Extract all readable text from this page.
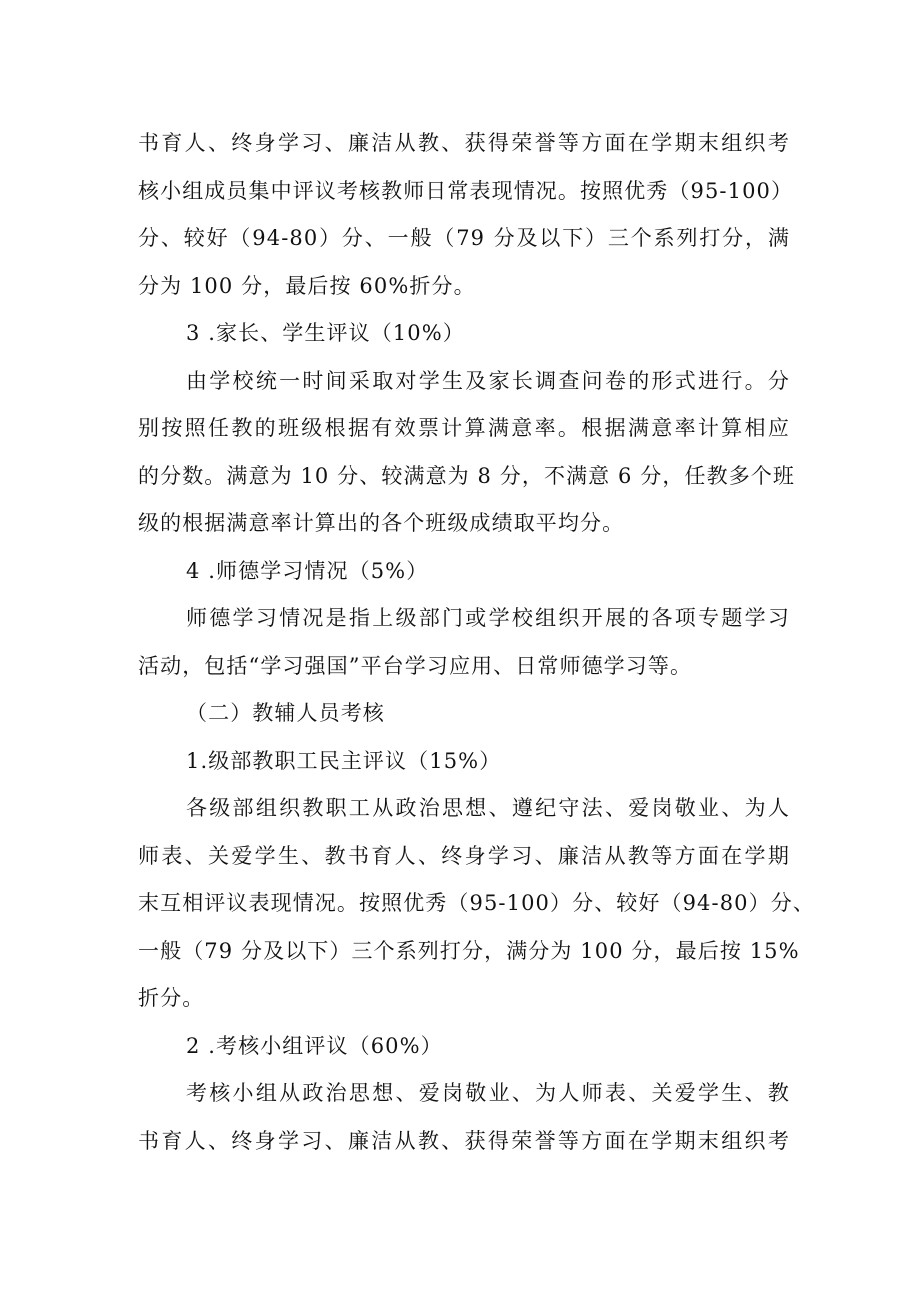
书育人、终身学习、廉洁从教、获得荣誉等方面在学期末组织考
核小组成员集中评议考核教师日常表现情况。按照优秀（95-100）
分、较好（94-80）分、一般（79 分及以下）三个系列打分，满
分为 100 分，最后按 60%折分。
3 .家长、学生评议（10%）
由学校统一时间采取对学生及家长调查问卷的形式进行。分
别按照任教的班级根据有效票计算满意率。根据满意率计算相应
的分数。满意为 10 分、较满意为 8 分，不满意 6 分，任教多个班
级的根据满意率计算出的各个班级成绩取平均分。
4 .师德学习情况（5%）
师德学习情况是指上级部门或学校组织开展的各项专题学习
活动，包括“学习强国”平台学习应用、日常师德学习等。
（二）教辅人员考核
1.级部教职工民主评议（15%）
各级部组织教职工从政治思想、遵纪守法、爱岗敬业、为人
师表、关爱学生、教书育人、终身学习、廉洁从教等方面在学期
末互相评议表现情况。按照优秀（95-100）分、较好（94-80）分、
一般（79 分及以下）三个系列打分，满分为 100 分，最后按 15%
折分。
2 .考核小组评议（60%）
考核小组从政治思想、爱岗敬业、为人师表、关爱学生、教
书育人、终身学习、廉洁从教、获得荣誉等方面在学期末组织考
